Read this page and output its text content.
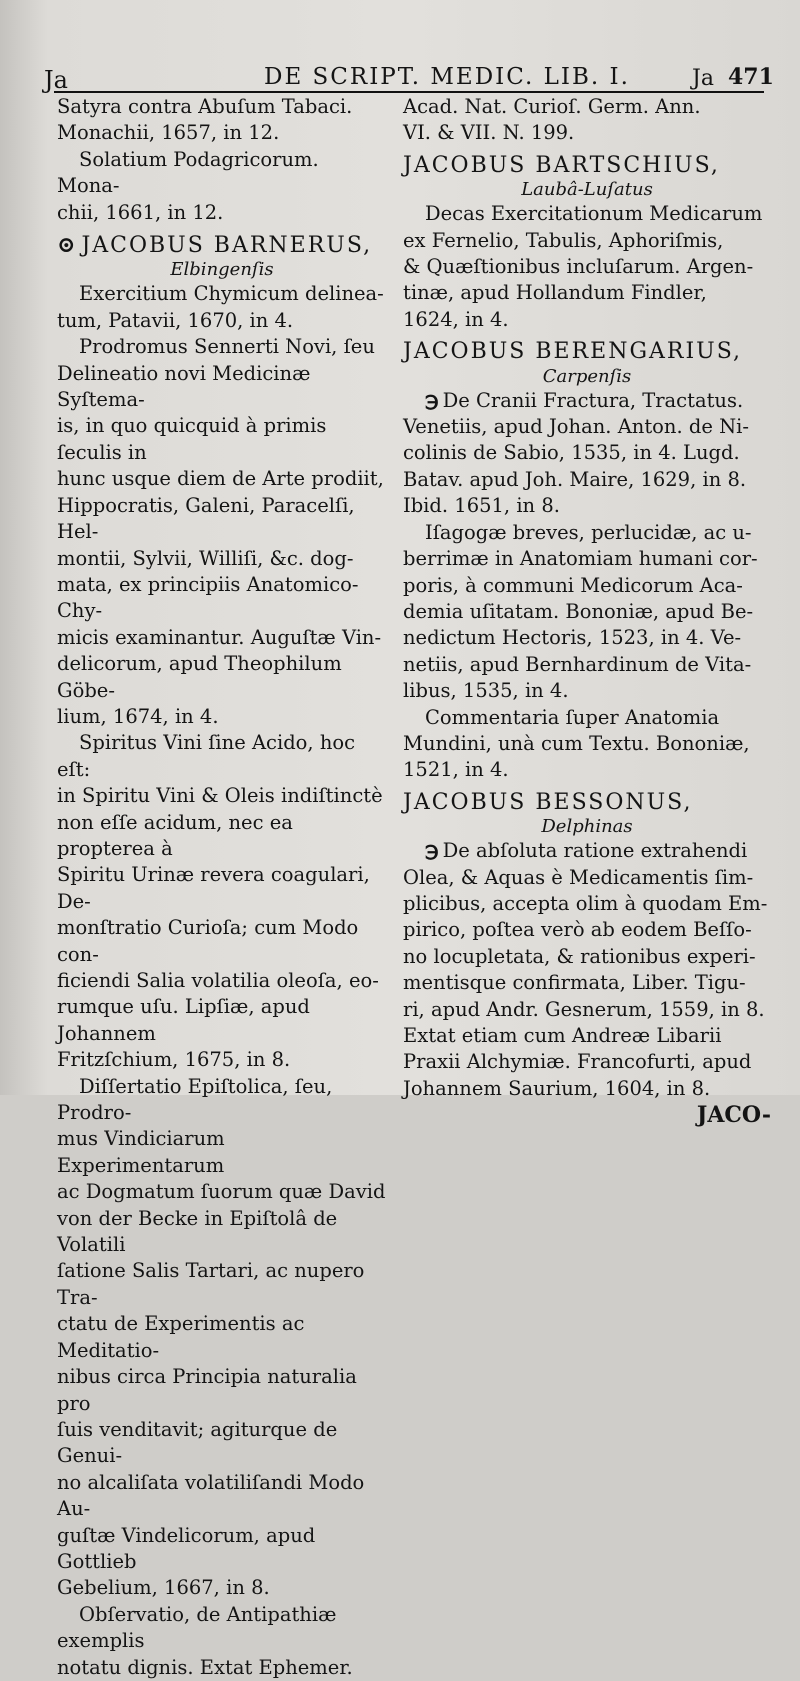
Ja	DE SCRIPT. MEDIC. LIB. I.	Ja 471

Satyra contra Abuſum Tabaci.

Monachii, 1657, in 12.

Solatium Podagricorum. Mona-

chii, 1661, in 12.

⊙ JACOBUS BARNERUS,

Elbingenſis

Exercitium Chymicum delinea-

tum, Patavii, 1670, in 4.

Prodromus Sennerti Novi, ſeu

Delineatio novi Medicinæ Syſtema-

is, in quo quicquid à primis ſeculis in

hunc usque diem de Arte prodiit,

Hippocratis, Galeni, Paracelſi, Hel-

montii, Sylvii, Williſi, &c. dog-

mata, ex principiis Anatomico-Chy-

micis examinantur. Auguſtæ Vin-

delicorum, apud Theophilum Göbe-

lium, 1674, in 4.

Spiritus Vini ſine Acido, hoc eſt:

in Spiritu Vini & Oleis indiſtinctè

non eſſe acidum, nec ea propterea à

Spiritu Urinæ revera coagulari, De-

monſtratio Curioſa; cum Modo con-

ficiendi Salia volatilia oleoſa, eo-

rumque uſu. Lipſiæ, apud Johannem

Fritzſchium, 1675, in 8.

Diſſertatio Epiſtolica, ſeu, Prodro-

mus Vindiciarum Experimentarum

ac Dogmatum ſuorum quæ David

von der Becke in Epiſtolâ de Volatili

ſatione Salis Tartari, ac nupero Tra-

ctatu de Experimentis ac Meditatio-

nibus circa Principia naturalia pro

ſuis venditavit; agiturque de Genui-

no alcaliſata volatiliſandi Modo Au-

guſtæ Vindelicorum, apud Gottlieb

Gebelium, 1667, in 8.

Obſervatio, de Antipathiæ exemplis

notatu dignis. Extat Ephemer.

Acad. Nat. Curioſ. Germ. Ann.

VI. & VII. N. 199.

JACOBUS BARTSCHIUS,

Laubâ-Luſatus

Decas Exercitationum Medicarum

ex Fernelio, Tabulis, Aphoriſmis,

& Quæſtionibus incluſarum. Argen-

tinæ, apud Hollandum Findler,

1624, in 4.

JACOBUS BERENGARIUS,

Carpenſis

℈ De Cranii Fractura, Tractatus.

Venetiis, apud Johan. Anton. de Ni-

colinis de Sabio, 1535, in 4. Lugd.

Batav. apud Joh. Maire, 1629, in 8.

Ibid. 1651, in 8.

Iſagogæ breves, perlucidæ, ac u-

berrimæ in Anatomiam humani cor-

poris, à communi Medicorum Aca-

demia uſitatam. Bononiæ, apud Be-

nedictum Hectoris, 1523, in 4. Ve-

netiis, apud Bernhardinum de Vita-

libus, 1535, in 4.

Commentaria ſuper Anatomia

Mundini, unà cum Textu. Bononiæ,

1521, in 4.

JACOBUS BESSONUS,

Delphinas

℈ De abſoluta ratione extrahendi

Olea, & Aquas è Medicamentis ſim-

plicibus, accepta olim à quodam Em-

pirico, poſtea verò ab eodem Beſſo-

no locupletata, & rationibus experi-

mentisque confirmata, Liber. Tigu-

ri, apud Andr. Gesnerum, 1559, in 8.

Extat etiam cum Andreæ Libarii

Praxii Alchymiæ. Francofurti, apud

Johannem Saurium, 1604, in 8.

JACO-
